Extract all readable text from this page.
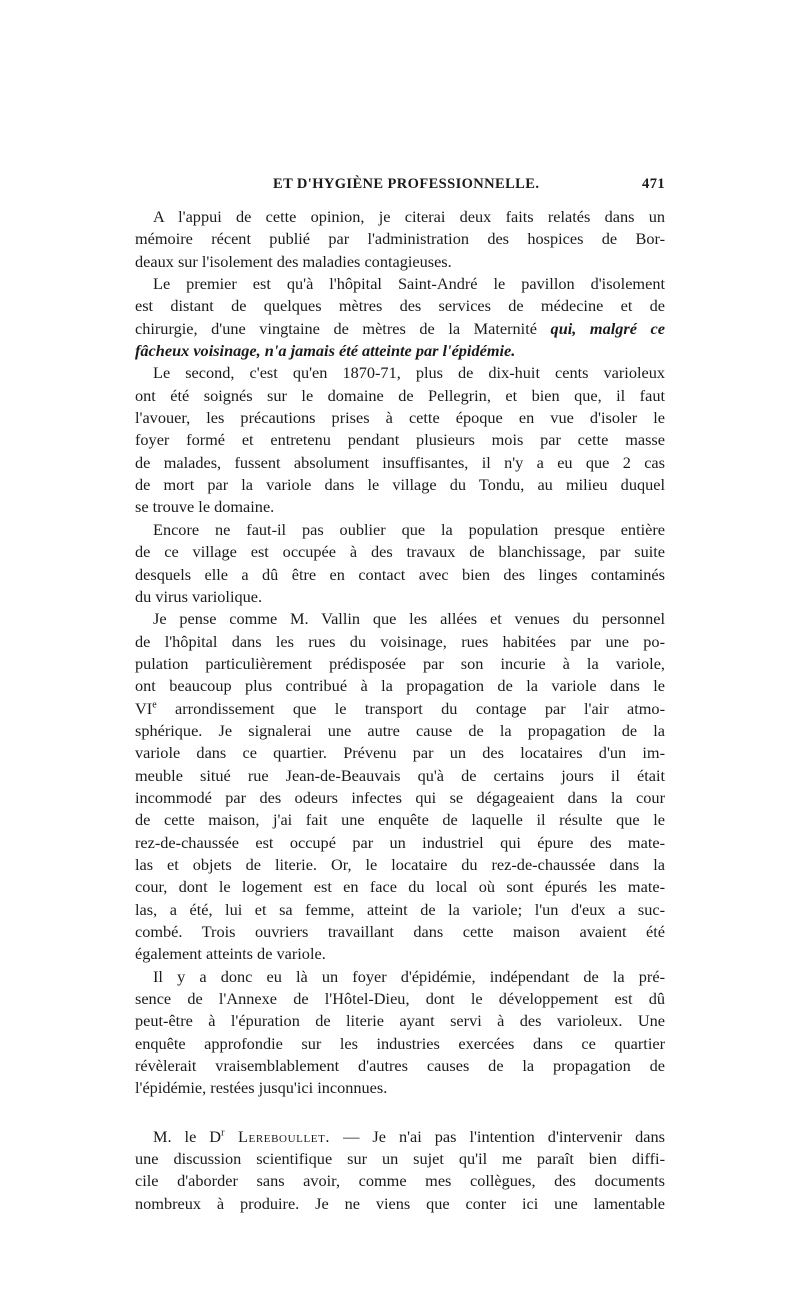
ET D'HYGIÈNE PROFESSIONNELLE.	471
A l'appui de cette opinion, je citerai deux faits relatés dans un
mémoire récent publié par l'administration des hospices de Bor-
deaux sur l'isolement des maladies contagieuses.
Le premier est qu'à l'hôpital Saint-André le pavillon d'isolement
est distant de quelques mètres des services de médecine et de
chirurgie, d'une vingtaine de mètres de la Maternité qui, malgré ce
fâcheux voisinage, n'a jamais été atteinte par l'épidémie.
Le second, c'est qu'en 1870-71, plus de dix-huit cents varioleux
ont été soignés sur le domaine de Pellegrin, et bien que, il faut
l'avouer, les précautions prises à cette époque en vue d'isoler le
foyer formé et entretenu pendant plusieurs mois par cette masse
de malades, fussent absolument insuffisantes, il n'y a eu que 2 cas
de mort par la variole dans le village du Tondu, au milieu duquel
se trouve le domaine.
Encore ne faut-il pas oublier que la population presque entière
de ce village est occupée à des travaux de blanchissage, par suite
desquels elle a dû être en contact avec bien des linges contaminés
du virus variolique.
Je pense comme M. Vallin que les allées et venues du personnel
de l'hôpital dans les rues du voisinage, rues habitées par une po-
pulation particulièrement prédisposée par son incurie à la variole,
ont beaucoup plus contribué à la propagation de la variole dans le
VIe arrondissement que le transport du contage par l'air atmo-
sphérique. Je signalerai une autre cause de la propagation de la
variole dans ce quartier. Prévenu par un des locataires d'un im-
meuble situé rue Jean-de-Beauvais qu'à de certains jours il était
incommodé par des odeurs infectes qui se dégageaient dans la cour
de cette maison, j'ai fait une enquête de laquelle il résulte que le
rez-de-chaussée est occupé par un industriel qui épure des mate-
las et objets de literie. Or, le locataire du rez-de-chaussée dans la
cour, dont le logement est en face du local où sont épurés les mate-
las, a été, lui et sa femme, atteint de la variole; l'un d'eux a suc-
combé. Trois ouvriers travaillant dans cette maison avaient été
également atteints de variole.
Il y a donc eu là un foyer d'épidémie, indépendant de la pré-
sence de l'Annexe de l'Hôtel-Dieu, dont le développement est dû
peut-être à l'épuration de literie ayant servi à des varioleux. Une
enquête approfondie sur les industries exercées dans ce quartier
révèlerait vraisemblablement d'autres causes de la propagation de
l'épidémie, restées jusqu'ici inconnues.
M. le $D^r$ Lereboullet. — Je n'ai pas l'intention d'intervenir dans
une discussion scientifique sur un sujet qu'il me paraît bien diffi-
cile d'aborder sans avoir, comme mes collègues, des documents
nombreux à produire. Je ne viens que conter ici une lamentable
